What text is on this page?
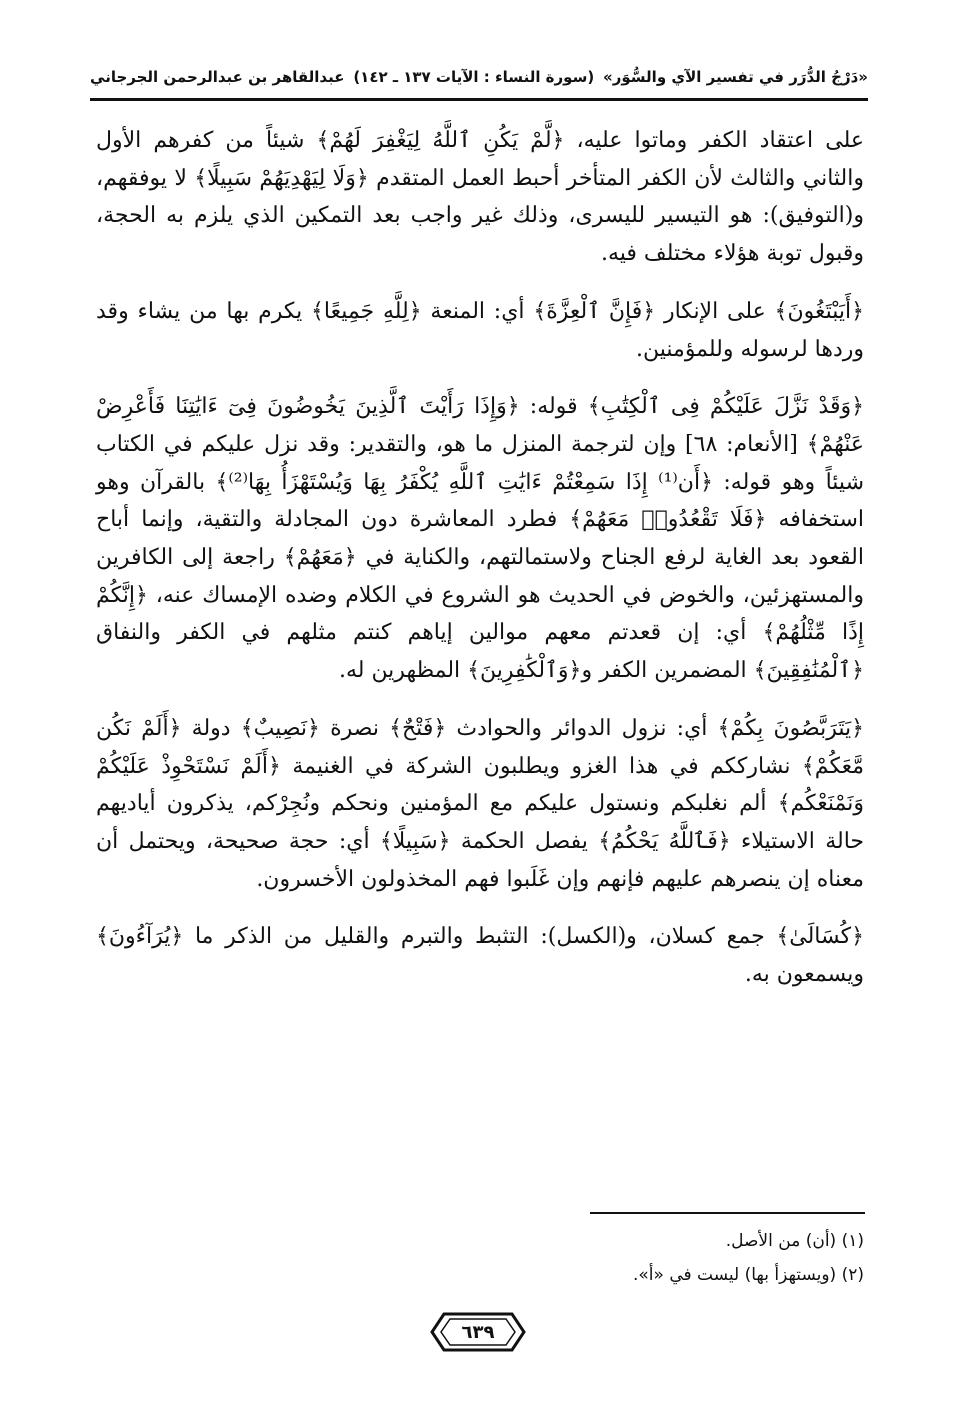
«دَرْجُ الدُّرَر في تفسير الآي والسُّوَر»
(سورة النساء : الآيات ١٣٧ ـ ١٤٢)
عبدالقاهر بن عبدالرحمن الجرجاني

على اعتقاد الكفر وماتوا عليه، ﴿لَّمْ يَكُنِ ٱللَّهُ لِيَغْفِرَ لَهُمْ﴾ شيئاً من كفرهم الأول والثاني والثالث لأن الكفر المتأخر أحبط العمل المتقدم ﴿وَلَا لِيَهْدِيَهُمْ سَبِيلًا﴾ لا يوفقهم، و(التوفيق): هو التيسير لليسرى، وذلك غير واجب بعد التمكين الذي يلزم به الحجة، وقبول توبة هؤلاء مختلف فيه.

﴿أَيَبْتَغُونَ﴾ على الإنكار ﴿فَإِنَّ ٱلْعِزَّةَ﴾ أي: المنعة ﴿لِلَّهِ جَمِيعًا﴾ يكرم بها من يشاء وقد وردها لرسوله وللمؤمنين.

﴿وَقَدْ نَزَّلَ عَلَيْكُمْ فِى ٱلْكِتَٰبِ﴾ قوله: ﴿وَإِذَا رَأَيْتَ ٱلَّذِينَ يَخُوضُونَ فِىٓ ءَايَٰتِنَا فَأَعْرِضْ عَنْهُمْ﴾ [الأنعام: ٦٨] وإن لترجمة المنزل ما هو، والتقدير: وقد نزل عليكم في الكتاب شيئاً وهو قوله: ﴿أَن⁽¹⁾ إِذَا سَمِعْتُمْ ءَايَٰتِ ٱللَّهِ يُكْفَرُ بِهَا وَيُسْتَهْزَأُ بِهَا⁽²⁾﴾ بالقرآن وهو استخفافه ﴿فَلَا تَقْعُدُوا۟ مَعَهُمْ﴾ فطرد المعاشرة دون المجادلة والتقية، وإنما أباح القعود بعد الغاية لرفع الجناح ولاستمالتهم، والكناية في ﴿مَعَهُمْ﴾ راجعة إلى الكافرين والمستهزئين، والخوض في الحديث هو الشروع في الكلام وضده الإمساك عنه، ﴿إِنَّكُمْ إِذًا مِّثْلُهُمْ﴾ أي: إن قعدتم معهم موالين إياهم كنتم مثلهم في الكفر والنفاق ﴿ٱلْمُنَٰفِقِينَ﴾ المضمرين الكفر و﴿وَٱلْكَٰفِرِينَ﴾ المظهرين له.

﴿يَتَرَبَّصُونَ بِكُمْ﴾ أي: نزول الدوائر والحوادث ﴿فَتْحٌ﴾ نصرة ﴿نَصِيبٌ﴾ دولة ﴿أَلَمْ نَكُن مَّعَكُمْ﴾ نشارككم في هذا الغزو ويطلبون الشركة في الغنيمة ﴿أَلَمْ نَسْتَحْوِذْ عَلَيْكُمْ وَنَمْنَعْكُم﴾ ألم نغلبكم ونستول عليكم مع المؤمنين ونحكم ونُجِرْكم، يذكرون أياديهم حالة الاستيلاء ﴿فَٱللَّهُ يَحْكُمُ﴾ يفصل الحكمة ﴿سَبِيلًا﴾ أي: حجة صحيحة، ويحتمل أن معناه إن ينصرهم عليهم فإنهم وإن غَلَبوا فهم المخذولون الأخسرون.

﴿كُسَالَىٰ﴾ جمع كسلان، و(الكسل): التثبط والتبرم والقليل من الذكر ما ﴿يُرَآءُونَ﴾ ويسمعون به.

(١) (أن) من الأصل.

(٢) (ويستهزأ بها) ليست في «أ».

٦٣٩
